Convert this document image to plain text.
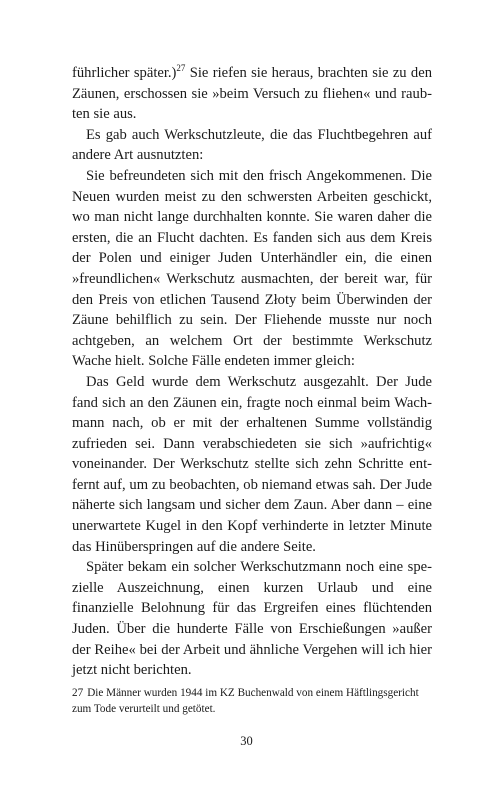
führlicher später.)$^{27}$ Sie riefen sie heraus, brachten sie zu den Zäunen, erschossen sie »beim Versuch zu fliehen« und raubten sie aus.

Es gab auch Werkschutzleute, die das Fluchtbegehren auf andere Art ausnutzten:

Sie befreundeten sich mit den frisch Angekommenen. Die Neuen wurden meist zu den schwersten Arbeiten geschickt, wo man nicht lange durchhalten konnte. Sie waren daher die ersten, die an Flucht dachten. Es fanden sich aus dem Kreis der Polen und einiger Juden Unterhändler ein, die einen »freundlichen« Werkschutz ausmachten, der bereit war, für den Preis von etlichen Tausend Złoty beim Überwinden der Zäune behilflich zu sein. Der Fliehende musste nur noch achtgeben, an welchem Ort der bestimmte Werkschutz Wache hielt. Solche Fälle endeten immer gleich:

Das Geld wurde dem Werkschutz ausgezahlt. Der Jude fand sich an den Zäunen ein, fragte noch einmal beim Wachmann nach, ob er mit der erhaltenen Summe vollständig zufrieden sei. Dann verabschiedeten sie sich »aufrichtig« voneinander. Der Werkschutz stellte sich zehn Schritte entfernt auf, um zu beobachten, ob niemand etwas sah. Der Jude näherte sich langsam und sicher dem Zaun. Aber dann – eine unerwartete Kugel in den Kopf verhinderte in letzter Minute das Hinüberspringen auf die andere Seite.

Später bekam ein solcher Werkschutzmann noch eine spezielle Auszeichnung, einen kurzen Urlaub und eine finanzielle Belohnung für das Ergreifen eines flüchtenden Juden. Über die hunderte Fälle von Erschießungen »außer der Reihe« bei der Arbeit und ähnliche Vergehen will ich hier jetzt nicht berichten.

27 Die Männer wurden 1944 im KZ Buchenwald von einem Häftlingsgericht zum Tode verurteilt und getötet.
30
